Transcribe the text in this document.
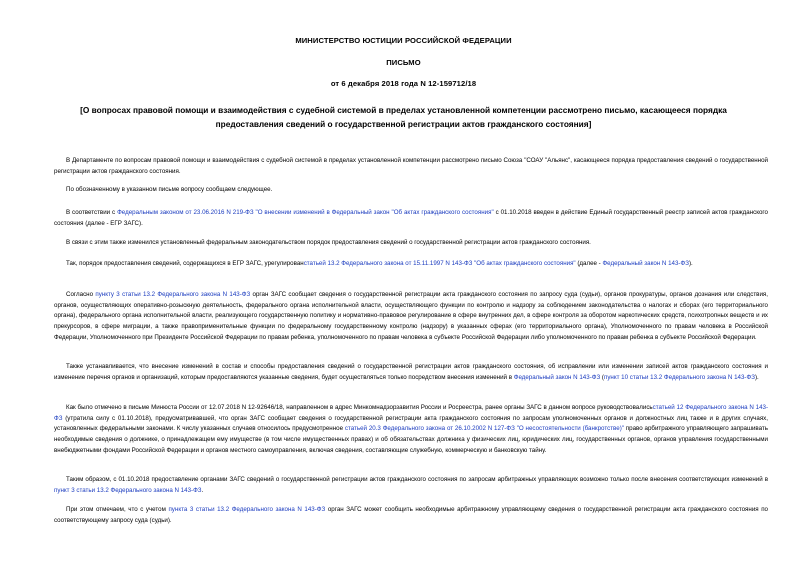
МИНИСТЕРСТВО ЮСТИЦИИ РОССИЙСКОЙ ФЕДЕРАЦИИ
ПИСЬМО
от 6 декабря 2018 года N 12-159712/18
[О вопросах правовой помощи и взаимодействия с судебной системой в пределах установленной компетенции рассмотрено письмо, касающееся порядка
предоставления сведений о государственной регистрации актов гражданского состояния]
В Департаменте по вопросам правовой помощи и взаимодействия с судебной системой в пределах установленной компетенции рассмотрено письмо Союза "СОАУ "Альянс", касающееся порядка предоставления сведений о государственной регистрации актов гражданского состояния.
По обозначенному в указанном письме вопросу сообщаем следующее.
В соответствии с Федеральным законом от 23.06.2016 N 219-ФЗ "О внесении изменений в Федеральный закон "Об актах гражданского состояния" с 01.10.2018 введен в действие Единый государственный реестр записей актов гражданского состояния (далее - ЕГР ЗАГС).
В связи с этим также изменился установленный федеральным законодательством порядок предоставления сведений о государственной регистрации актов гражданского состояния.
Так, порядок предоставления сведений, содержащихся в ЕГР ЗАГС, урегулированстатьей 13.2 Федерального закона от 15.11.1997 N 143-ФЗ "Об актах гражданского состояния" (далее - Федеральный закон N 143-ФЗ).
Согласно пункту 3 статьи 13.2 Федерального закона N 143-ФЗ орган ЗАГС сообщает сведения о государственной регистрации акта гражданского состояния по запросу суда (судьи), органов прокуратуры, органов дознания или следствия, органов, осуществляющих оперативно-розыскную деятельность, федерального органа исполнительной власти, осуществляющего функции по контролю и надзору за соблюдением законодательства о налогах и сборах (его территориального органа), федерального органа исполнительной власти, реализующего государственную политику и нормативно-правовое регулирование в сфере внутренних дел, в сфере контроля за оборотом наркотических средств, психотропных веществ и их прекурсоров, в сфере миграции, а также правоприменительные функции по федеральному государственному контролю (надзору) в указанных сферах (его территориального органа), Уполномоченного по правам человека в Российской Федерации, Уполномоченного при Президенте Российской Федерации по правам ребенка, уполномоченного по правам человека в субъекте Российской Федерации либо уполномоченного по правам ребенка в субъекте Российской Федерации.
Также устанавливается, что внесение изменений в состав и способы предоставления сведений о государственной регистрации актов гражданского состояния, об исправлении или изменении записей актов гражданского состояния и изменение перечня органов и организаций, которым предоставляются указанные сведения, будет осуществляться только посредством внесения изменений в Федеральный закон N 143-ФЗ (пункт 10 статьи 13.2 Федерального закона N 143-ФЗ).
Как было отмечено в письме Минюста России от 12.07.2018 N 12-92646/18, направленном в адрес Минкомнадзорзавития России и Росреестра, ранее органы ЗАГС в данном вопросе руководствовалисьстатьей 12 Федерального закона N 143-ФЗ (утратила силу с 01.10.2018), предусматривавшей, что орган ЗАГС сообщает сведения о государственной регистрации акта гражданского состояния по запросам уполномоченных органов и должностных лиц также и в других случаях, установленных федеральными законами. К числу указанных случаев относилось предусмотренное статьей 20.3 Федерального закона от 26.10.2002 N 127-ФЗ "О несостоятельности (банкротстве)" право арбитражного управляющего запрашивать необходимые сведения о должнике, о принадлежащем ему имуществе (в том числе имущественных правах) и об обязательствах должника у физических лиц, юридических лиц, государственных органов, органов управления государственными внебюджетными фондами Российской Федерации и органов местного самоуправления, включая сведения, составляющие служебную, коммерческую и банковскую тайну.
Таким образом, с 01.10.2018 предоставление органами ЗАГС сведений о государственной регистрации актов гражданского состояния по запросам арбитражных управляющих возможно только после внесения соответствующих изменений в пункт 3 статьи 13.2 Федерального закона N 143-ФЗ.
При этом отмечаем, что с учетом пункта 3 статьи 13.2 Федерального закона N 143-ФЗ орган ЗАГС может сообщить необходимые арбитражному управляющему сведения о государственной регистрации акта гражданского состояния по соответствующему запросу суда (судьи).
